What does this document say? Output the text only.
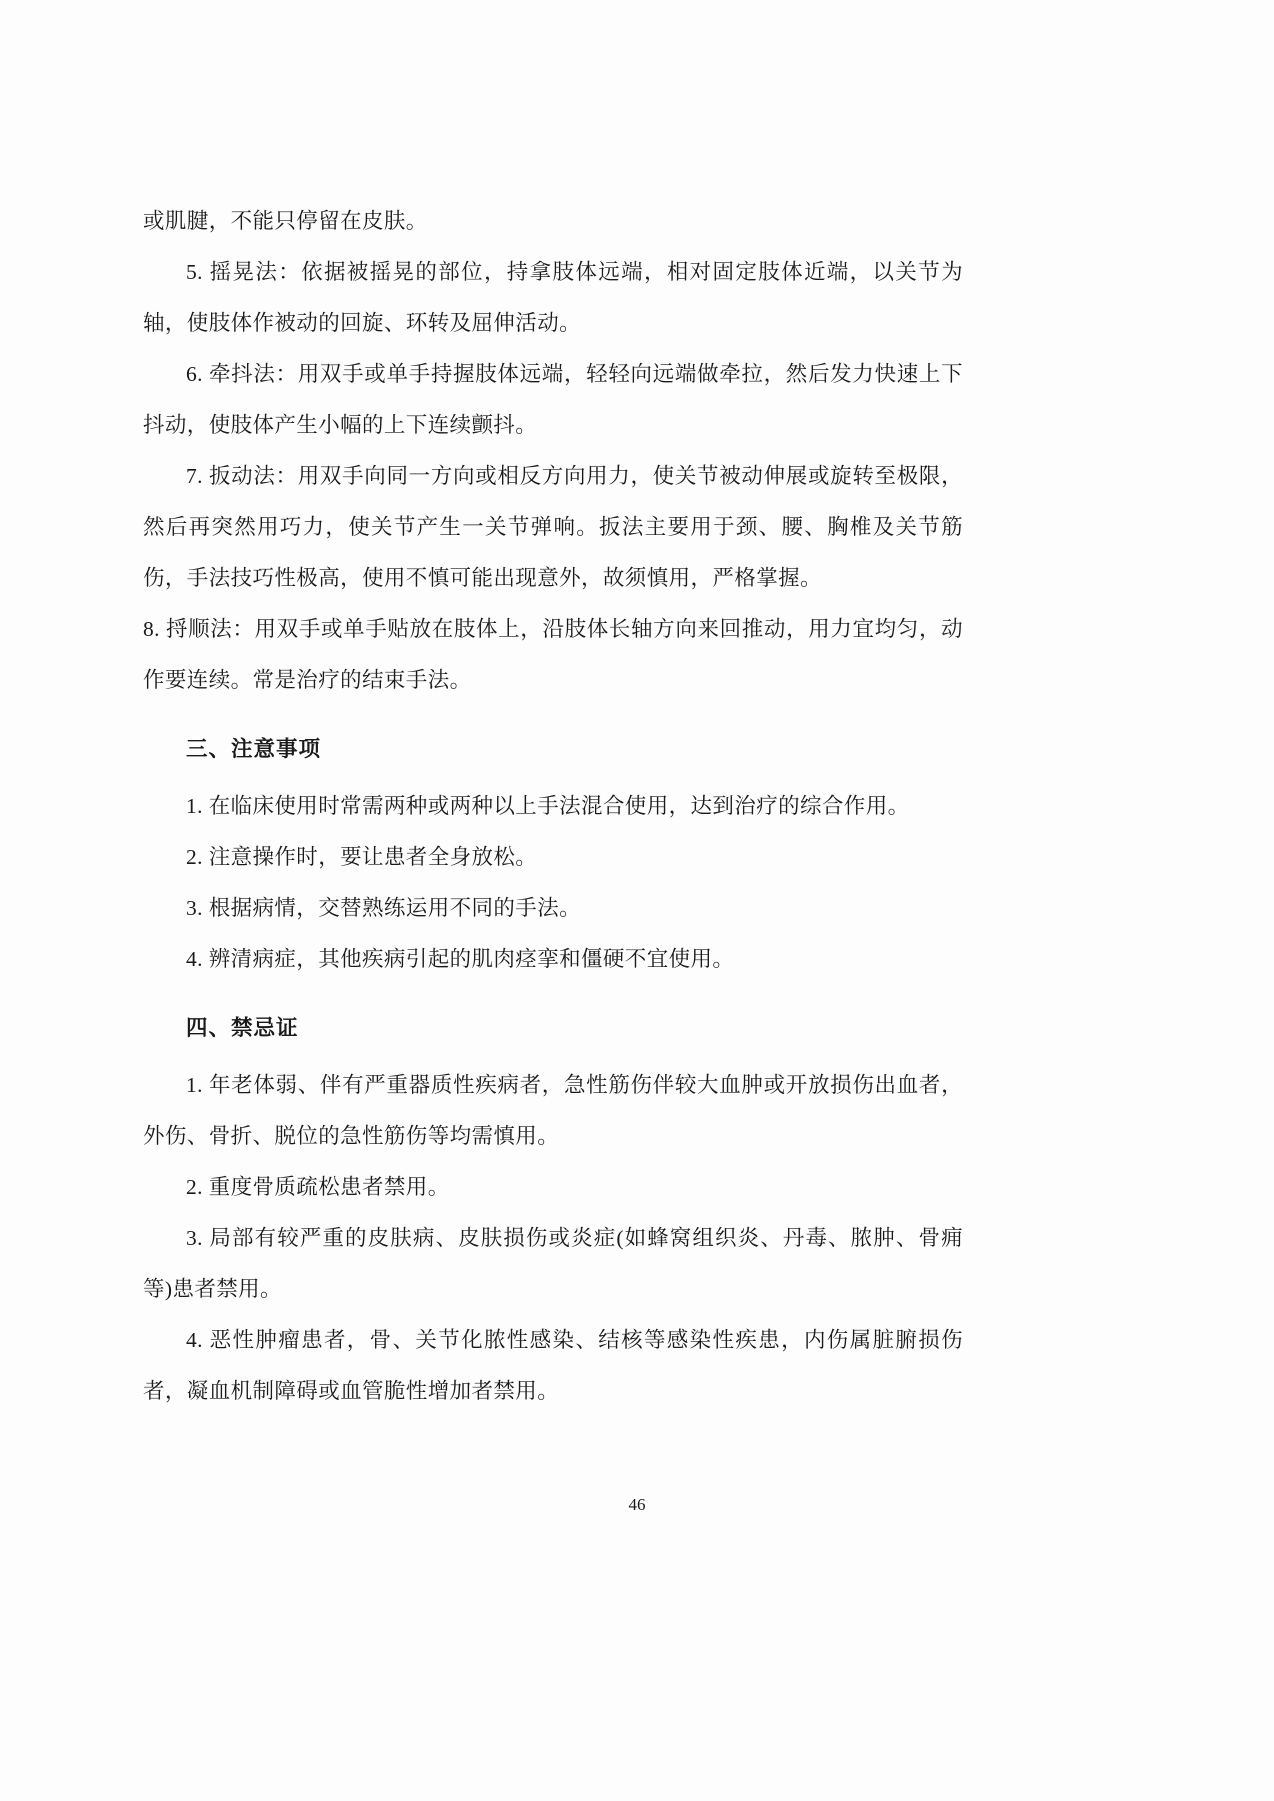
或肌腱，不能只停留在皮肤。

5. 摇晃法：依据被摇晃的部位，持拿肢体远端，相对固定肢体近端，以关节为轴，使肢体作被动的回旋、环转及屈伸活动。

6. 牵抖法：用双手或单手持握肢体远端，轻轻向远端做牵拉，然后发力快速上下抖动，使肢体产生小幅的上下连续颤抖。

7. 扳动法：用双手向同一方向或相反方向用力，使关节被动伸展或旋转至极限，然后再突然用巧力，使关节产生一关节弹响。扳法主要用于颈、腰、胸椎及关节筋伤，手法技巧性极高，使用不慎可能出现意外，故须慎用，严格掌握。

8. 捋顺法：用双手或单手贴放在肢体上，沿肢体长轴方向来回推动，用力宜均匀，动作要连续。常是治疗的结束手法。

三、注意事项

1. 在临床使用时常需两种或两种以上手法混合使用，达到治疗的综合作用。

2. 注意操作时，要让患者全身放松。

3. 根据病情，交替熟练运用不同的手法。

4. 辨清病症，其他疾病引起的肌肉痉挛和僵硬不宜使用。

四、禁忌证

1. 年老体弱、伴有严重器质性疾病者，急性筋伤伴较大血肿或开放损伤出血者，外伤、骨折、脱位的急性筋伤等均需慎用。

2. 重度骨质疏松患者禁用。

3. 局部有较严重的皮肤病、皮肤损伤或炎症(如蜂窝组织炎、丹毒、脓肿、骨痈等)患者禁用。

4. 恶性肿瘤患者，骨、关节化脓性感染、结核等感染性疾患，内伤属脏腑损伤者，凝血机制障碍或血管脆性增加者禁用。

46
